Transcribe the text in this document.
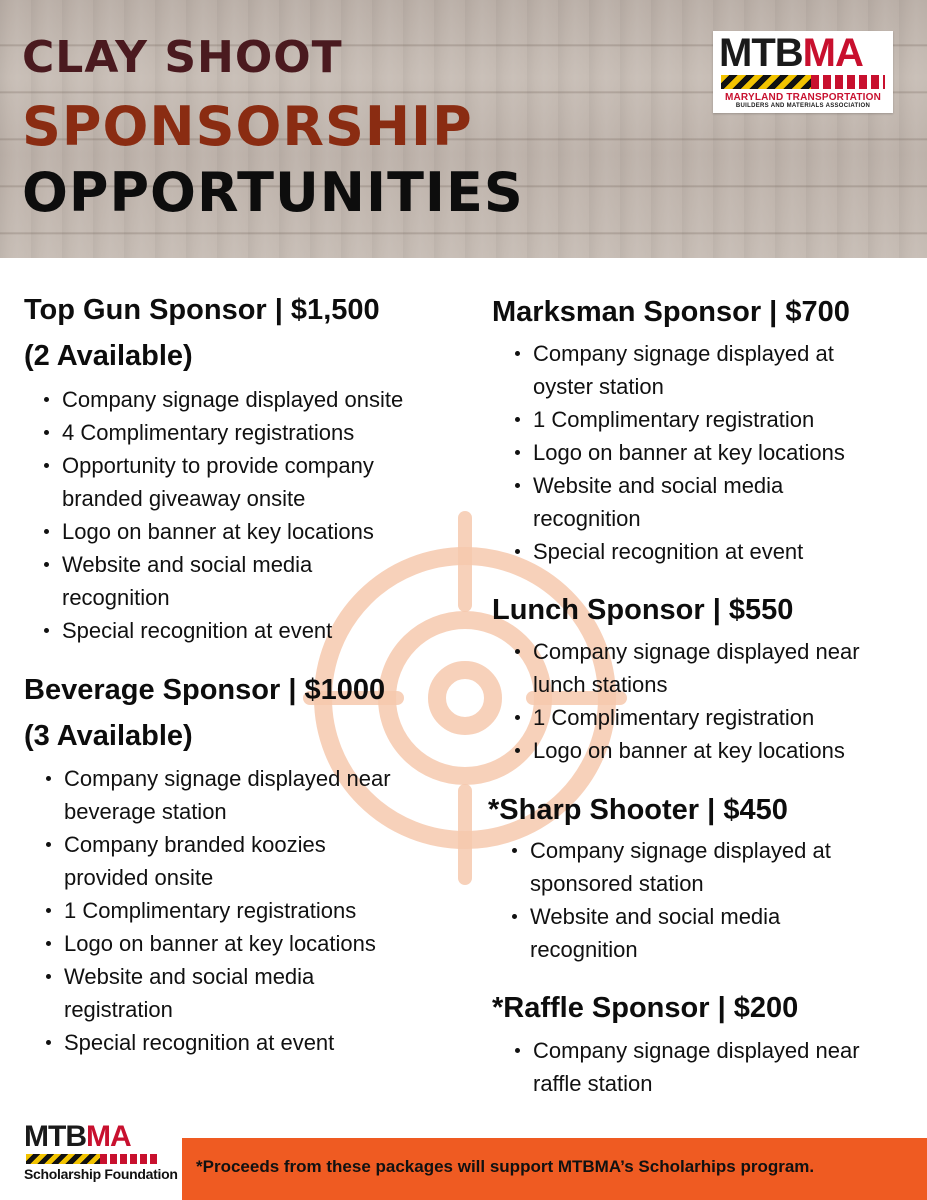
CLAY SHOOT
SPONSORSHIP
OPPORTUNITIES
MTBMA
MARYLAND TRANSPORTATION
BUILDERS AND MATERIALS ASSOCIATION
Top Gun Sponsor | $1,500
(2 Available)
Company signage displayed onsite
4 Complimentary registrations
Opportunity to provide company
branded giveaway onsite
Logo on banner at key locations
Website and social media
recognition
Special recognition at event
Beverage Sponsor | $1000
(3 Available)
Company signage displayed near
beverage station
Company branded koozies
provided onsite
1 Complimentary registrations
Logo on banner at key locations
Website and social media
registration
Special recognition at event
Marksman Sponsor | $700
Company signage displayed at
oyster station
1 Complimentary registration
Logo on banner at key locations
Website and social media
recognition
Special recognition at event
Lunch Sponsor | $550
Company signage displayed near
lunch stations
1 Complimentary registration
Logo on banner at key locations
*Sharp Shooter | $450
Company signage displayed at
sponsored station
Website and social media
recognition
*Raffle Sponsor | $200
Company signage displayed near
raffle station
MTBMA
Scholarship Foundation *Proceeds from these packages will support MTBMA’s Scholarhips program.
